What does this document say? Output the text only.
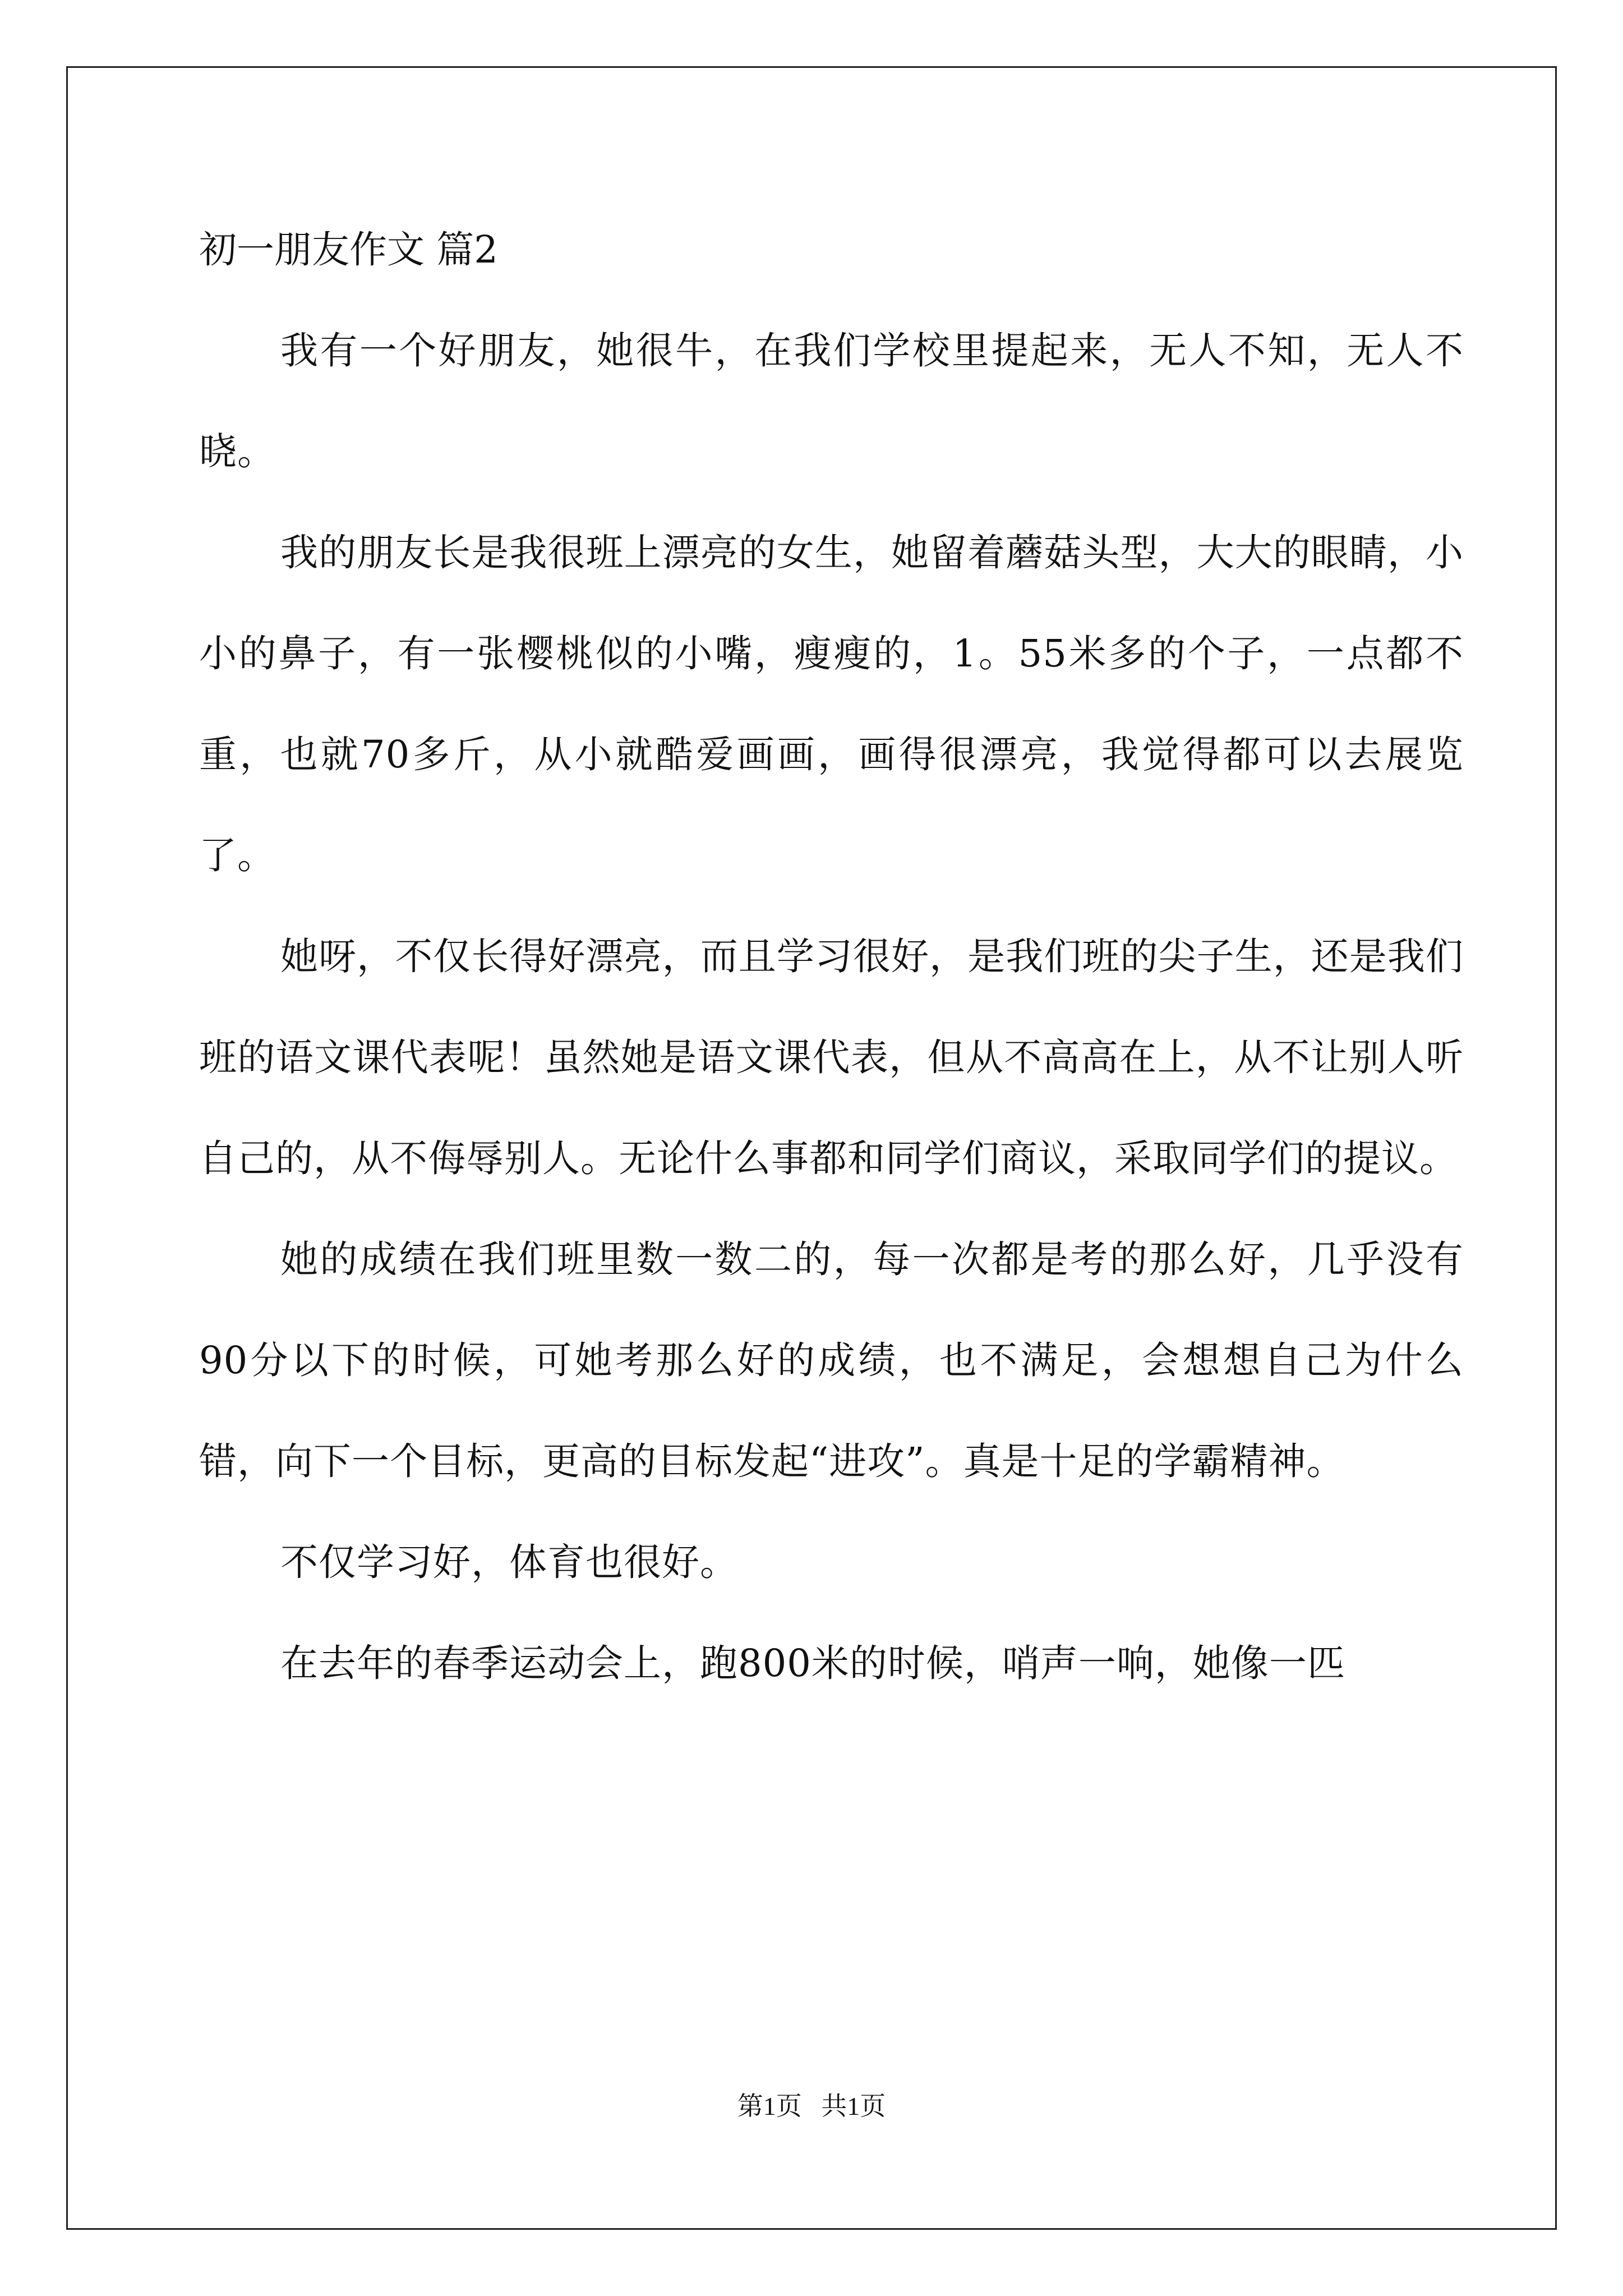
初一朋友作文 篇2

我有一个好朋友，她很牛，在我们学校里提起来，无人不知，无人不晓。

我的朋友长是我很班上漂亮的女生，她留着蘑菇头型，大大的眼睛，小小的鼻子，有一张樱桃似的小嘴，瘦瘦的，1。55米多的个子，一点都不重，也就70多斤，从小就酷爱画画，画得很漂亮，我觉得都可以去展览了。

她呀，不仅长得好漂亮，而且学习很好，是我们班的尖子生，还是我们班的语文课代表呢！虽然她是语文课代表，但从不高高在上，从不让别人听自己的，从不侮辱别人。无论什么事都和同学们商议，采取同学们的提议。

她的成绩在我们班里数一数二的，每一次都是考的那么好，几乎没有90分以下的时候，可她考那么好的成绩，也不满足，会想想自己为什么错，向下一个目标，更高的目标发起“进攻”。真是十足的学霸精神。

不仅学习好，体育也很好。

在去年的春季运动会上，跑800米的时候，哨声一响，她像一匹

第1页   共1页
